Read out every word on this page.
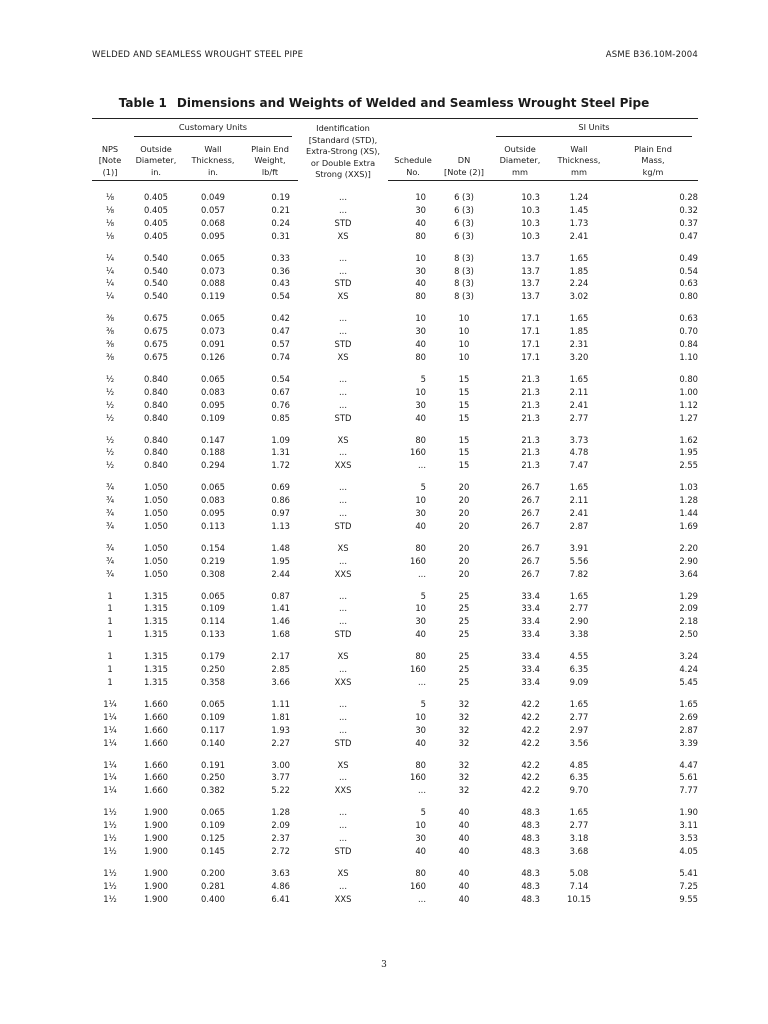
WELDED AND SEAMLESS WROUGHT STEEL PIPE	ASME B36.10M-2004
Table 1 Dimensions and Weights of Welded and Seamless Wrought Steel Pipe

	Customary Units			Identification
[Standard (STD),
Extra-Strong (XS),
or Double Extra
Strong (XXS)]			SI Units		

NPS
[Note (1)]	Outside
Diameter,
in.	Wall
Thickness,
in.	Plain End
Weight,
lb/ft		Schedule
No.	DN
[Note (2)]	Outside
Diameter,
mm	Wall
Thickness,
mm	Plain End
Mass,
kg/m
⅛	0.405	0.049	0.19	...	10	6 (3)	10.3	1.24	0.28
⅛	0.405	0.057	0.21	...	30	6 (3)	10.3	1.45	0.32
⅛	0.405	0.068	0.24	STD	40	6 (3)	10.3	1.73	0.37
⅛	0.405	0.095	0.31	XS	80	6 (3)	10.3	2.41	0.47
¼	0.540	0.065	0.33	...	10	8 (3)	13.7	1.65	0.49
¼	0.540	0.073	0.36	...	30	8 (3)	13.7	1.85	0.54
¼	0.540	0.088	0.43	STD	40	8 (3)	13.7	2.24	0.63
¼	0.540	0.119	0.54	XS	80	8 (3)	13.7	3.02	0.80
⅜	0.675	0.065	0.42	...	10	10	17.1	1.65	0.63
⅜	0.675	0.073	0.47	...	30	10	17.1	1.85	0.70
⅜	0.675	0.091	0.57	STD	40	10	17.1	2.31	0.84
⅜	0.675	0.126	0.74	XS	80	10	17.1	3.20	1.10
½	0.840	0.065	0.54	...	5	15	21.3	1.65	0.80
½	0.840	0.083	0.67	...	10	15	21.3	2.11	1.00
½	0.840	0.095	0.76	...	30	15	21.3	2.41	1.12
½	0.840	0.109	0.85	STD	40	15	21.3	2.77	1.27
½	0.840	0.147	1.09	XS	80	15	21.3	3.73	1.62
½	0.840	0.188	1.31	...	160	15	21.3	4.78	1.95
½	0.840	0.294	1.72	XXS	...	15	21.3	7.47	2.55
¾	1.050	0.065	0.69	...	5	20	26.7	1.65	1.03
¾	1.050	0.083	0.86	...	10	20	26.7	2.11	1.28
¾	1.050	0.095	0.97	...	30	20	26.7	2.41	1.44
¾	1.050	0.113	1.13	STD	40	20	26.7	2.87	1.69
¾	1.050	0.154	1.48	XS	80	20	26.7	3.91	2.20
¾	1.050	0.219	1.95	...	160	20	26.7	5.56	2.90
¾	1.050	0.308	2.44	XXS	...	20	26.7	7.82	3.64
1	1.315	0.065	0.87	...	5	25	33.4	1.65	1.29
1	1.315	0.109	1.41	...	10	25	33.4	2.77	2.09
1	1.315	0.114	1.46	...	30	25	33.4	2.90	2.18
1	1.315	0.133	1.68	STD	40	25	33.4	3.38	2.50
1	1.315	0.179	2.17	XS	80	25	33.4	4.55	3.24
1	1.315	0.250	2.85	...	160	25	33.4	6.35	4.24
1	1.315	0.358	3.66	XXS	...	25	33.4	9.09	5.45
1¼	1.660	0.065	1.11	...	5	32	42.2	1.65	1.65
1¼	1.660	0.109	1.81	...	10	32	42.2	2.77	2.69
1¼	1.660	0.117	1.93	...	30	32	42.2	2.97	2.87
1¼	1.660	0.140	2.27	STD	40	32	42.2	3.56	3.39
1¼	1.660	0.191	3.00	XS	80	32	42.2	4.85	4.47
1¼	1.660	0.250	3.77	...	160	32	42.2	6.35	5.61
1¼	1.660	0.382	5.22	XXS	...	32	42.2	9.70	7.77
1½	1.900	0.065	1.28	...	5	40	48.3	1.65	1.90
1½	1.900	0.109	2.09	...	10	40	48.3	2.77	3.11
1½	1.900	0.125	2.37	...	30	40	48.3	3.18	3.53
1½	1.900	0.145	2.72	STD	40	40	48.3	3.68	4.05
1½	1.900	0.200	3.63	XS	80	40	48.3	5.08	5.41
1½	1.900	0.281	4.86	...	160	40	48.3	7.14	7.25
1½	1.900	0.400	6.41	XXS	...	40	48.3	10.15	9.55
3
